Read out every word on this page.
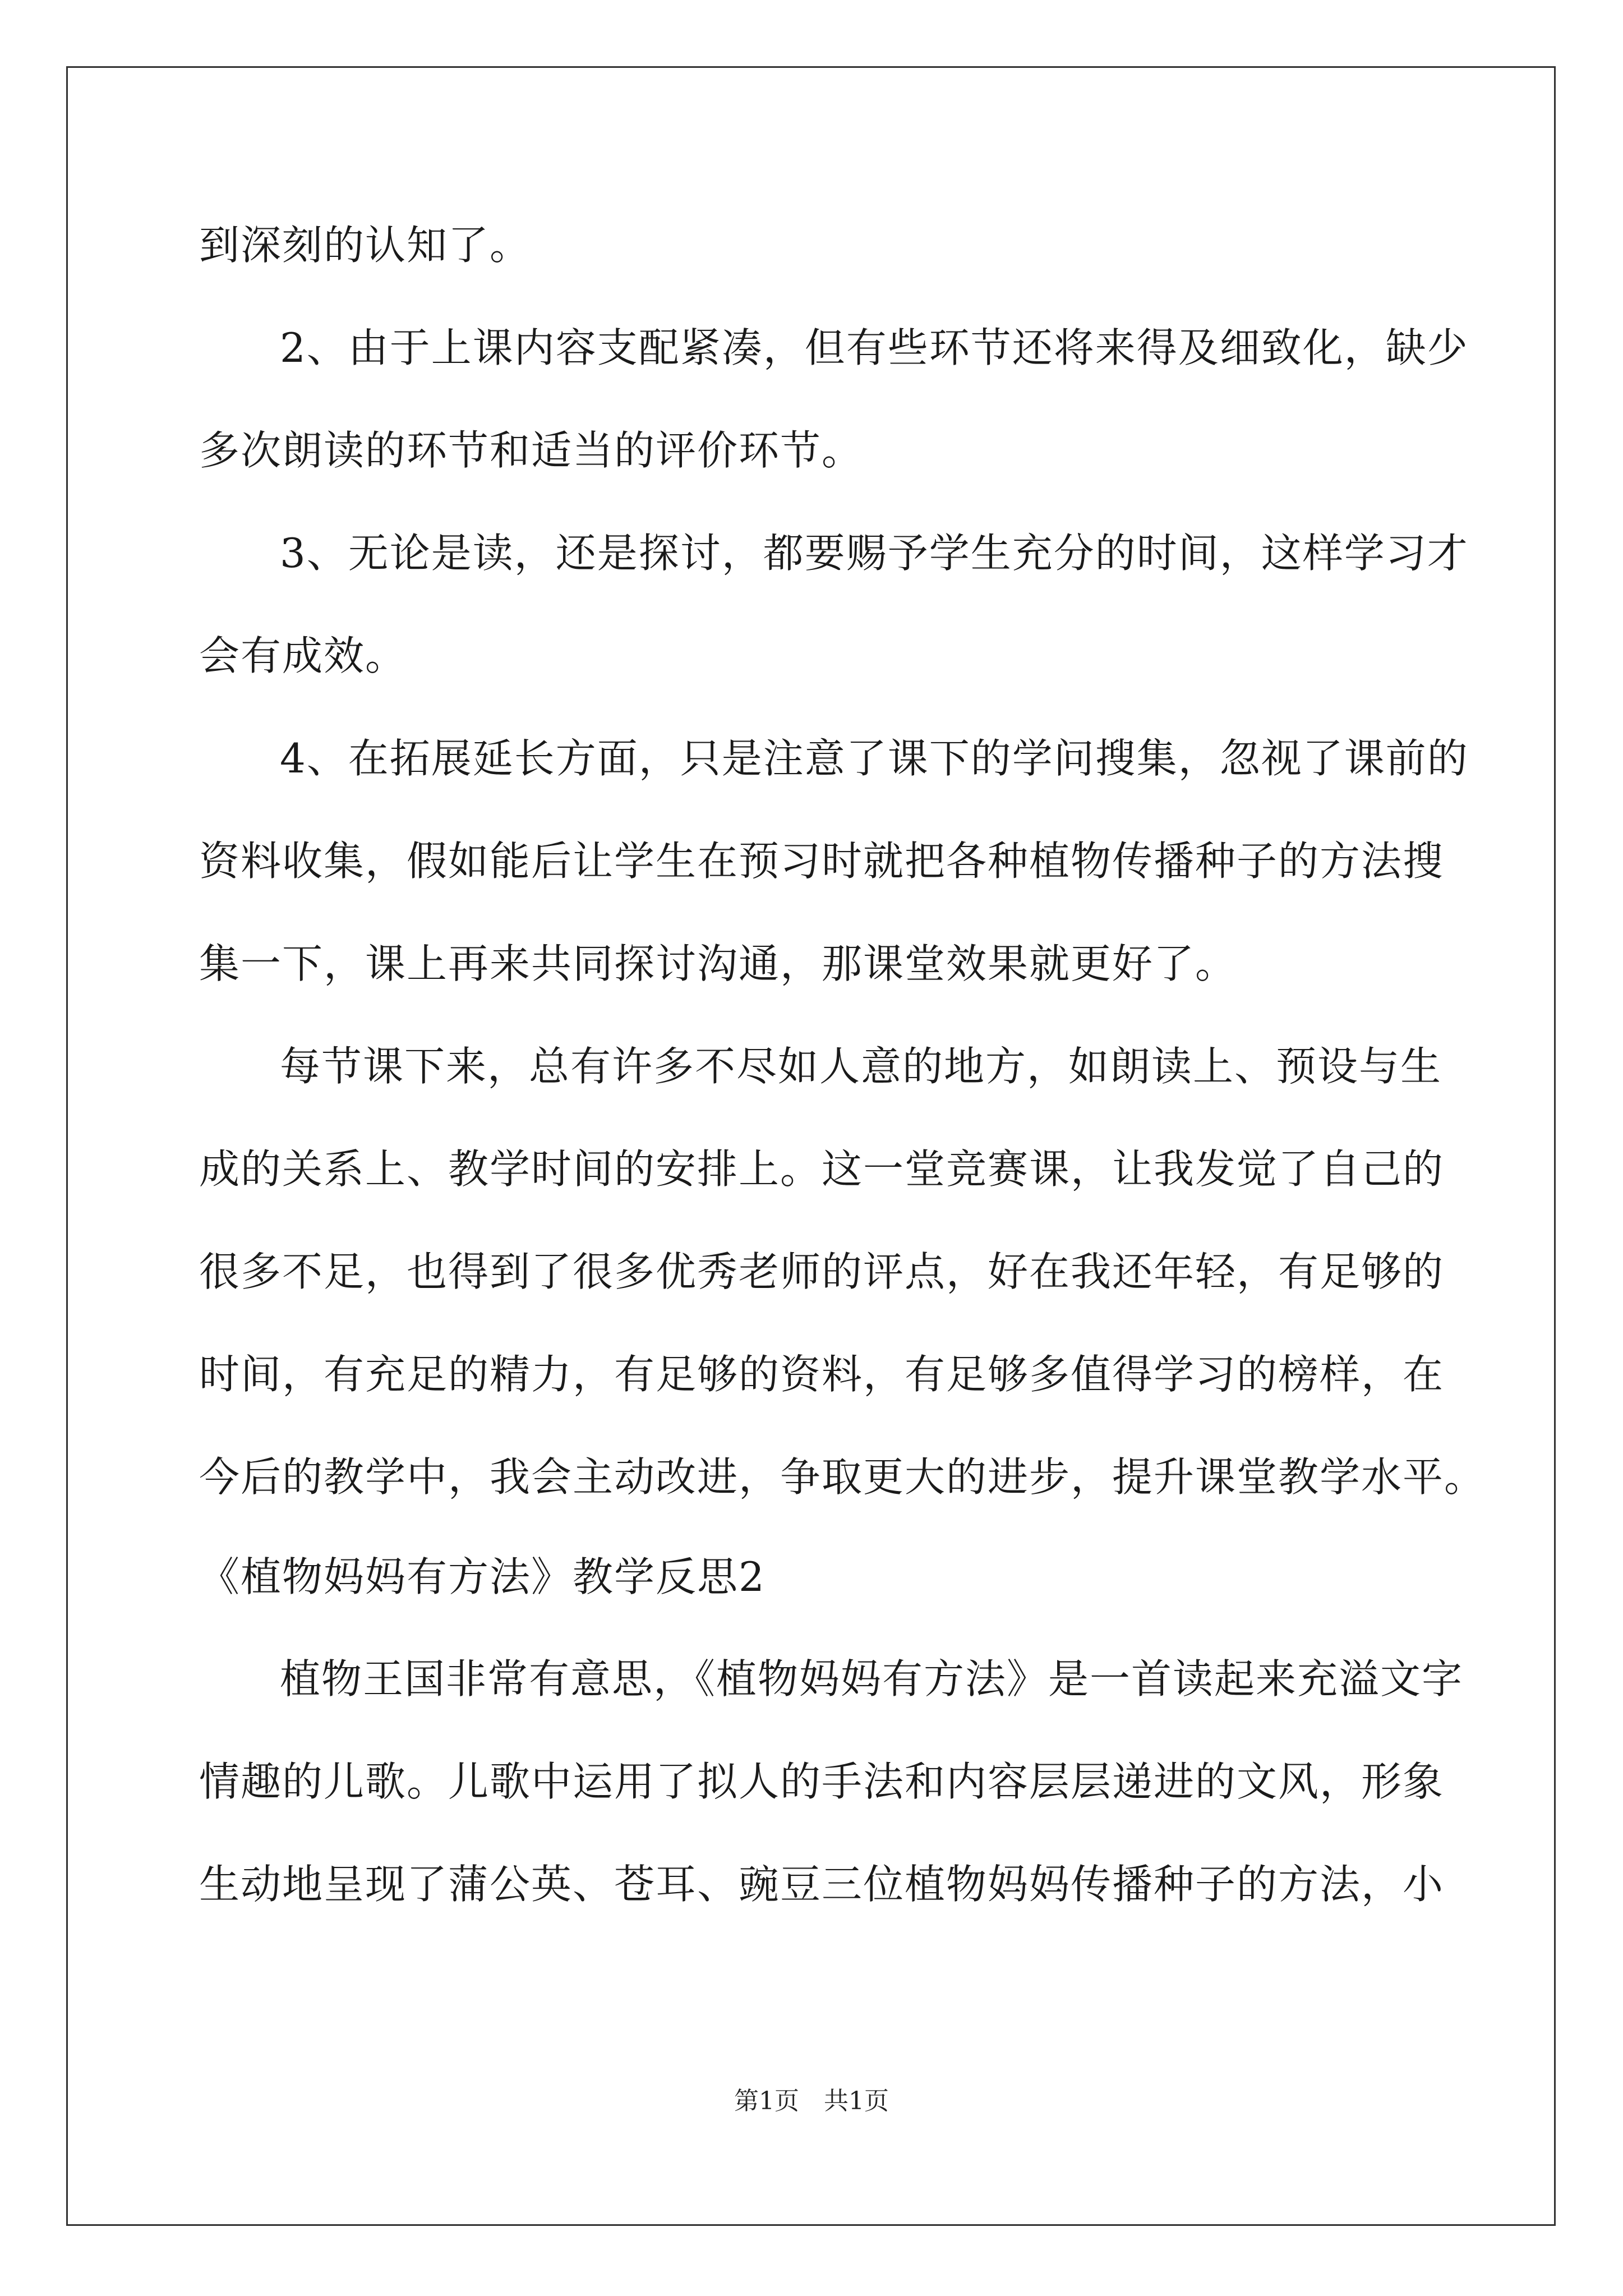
到深刻的认知了。
2、由于上课内容支配紧凑，但有些环节还将来得及细致化，缺少
多次朗读的环节和适当的评价环节。
3、无论是读，还是探讨，都要赐予学生充分的时间，这样学习才
会有成效。
4、在拓展延长方面，只是注意了课下的学问搜集，忽视了课前的
资料收集，假如能后让学生在预习时就把各种植物传播种子的方法搜
集一下，课上再来共同探讨沟通，那课堂效果就更好了。
每节课下来，总有许多不尽如人意的地方，如朗读上、预设与生
成的关系上、教学时间的安排上。这一堂竞赛课，让我发觉了自己的
很多不足，也得到了很多优秀老师的评点，好在我还年轻，有足够的
时间，有充足的精力，有足够的资料，有足够多值得学习的榜样，在
今后的教学中，我会主动改进，争取更大的进步，提升课堂教学水平。
《植物妈妈有方法》教学反思2
植物王国非常有意思，《植物妈妈有方法》是一首读起来充溢文字
情趣的儿歌。儿歌中运用了拟人的手法和内容层层递进的文风，形象
生动地呈现了蒲公英、苍耳、豌豆三位植物妈妈传播种子的方法，小
第1页　共1页
